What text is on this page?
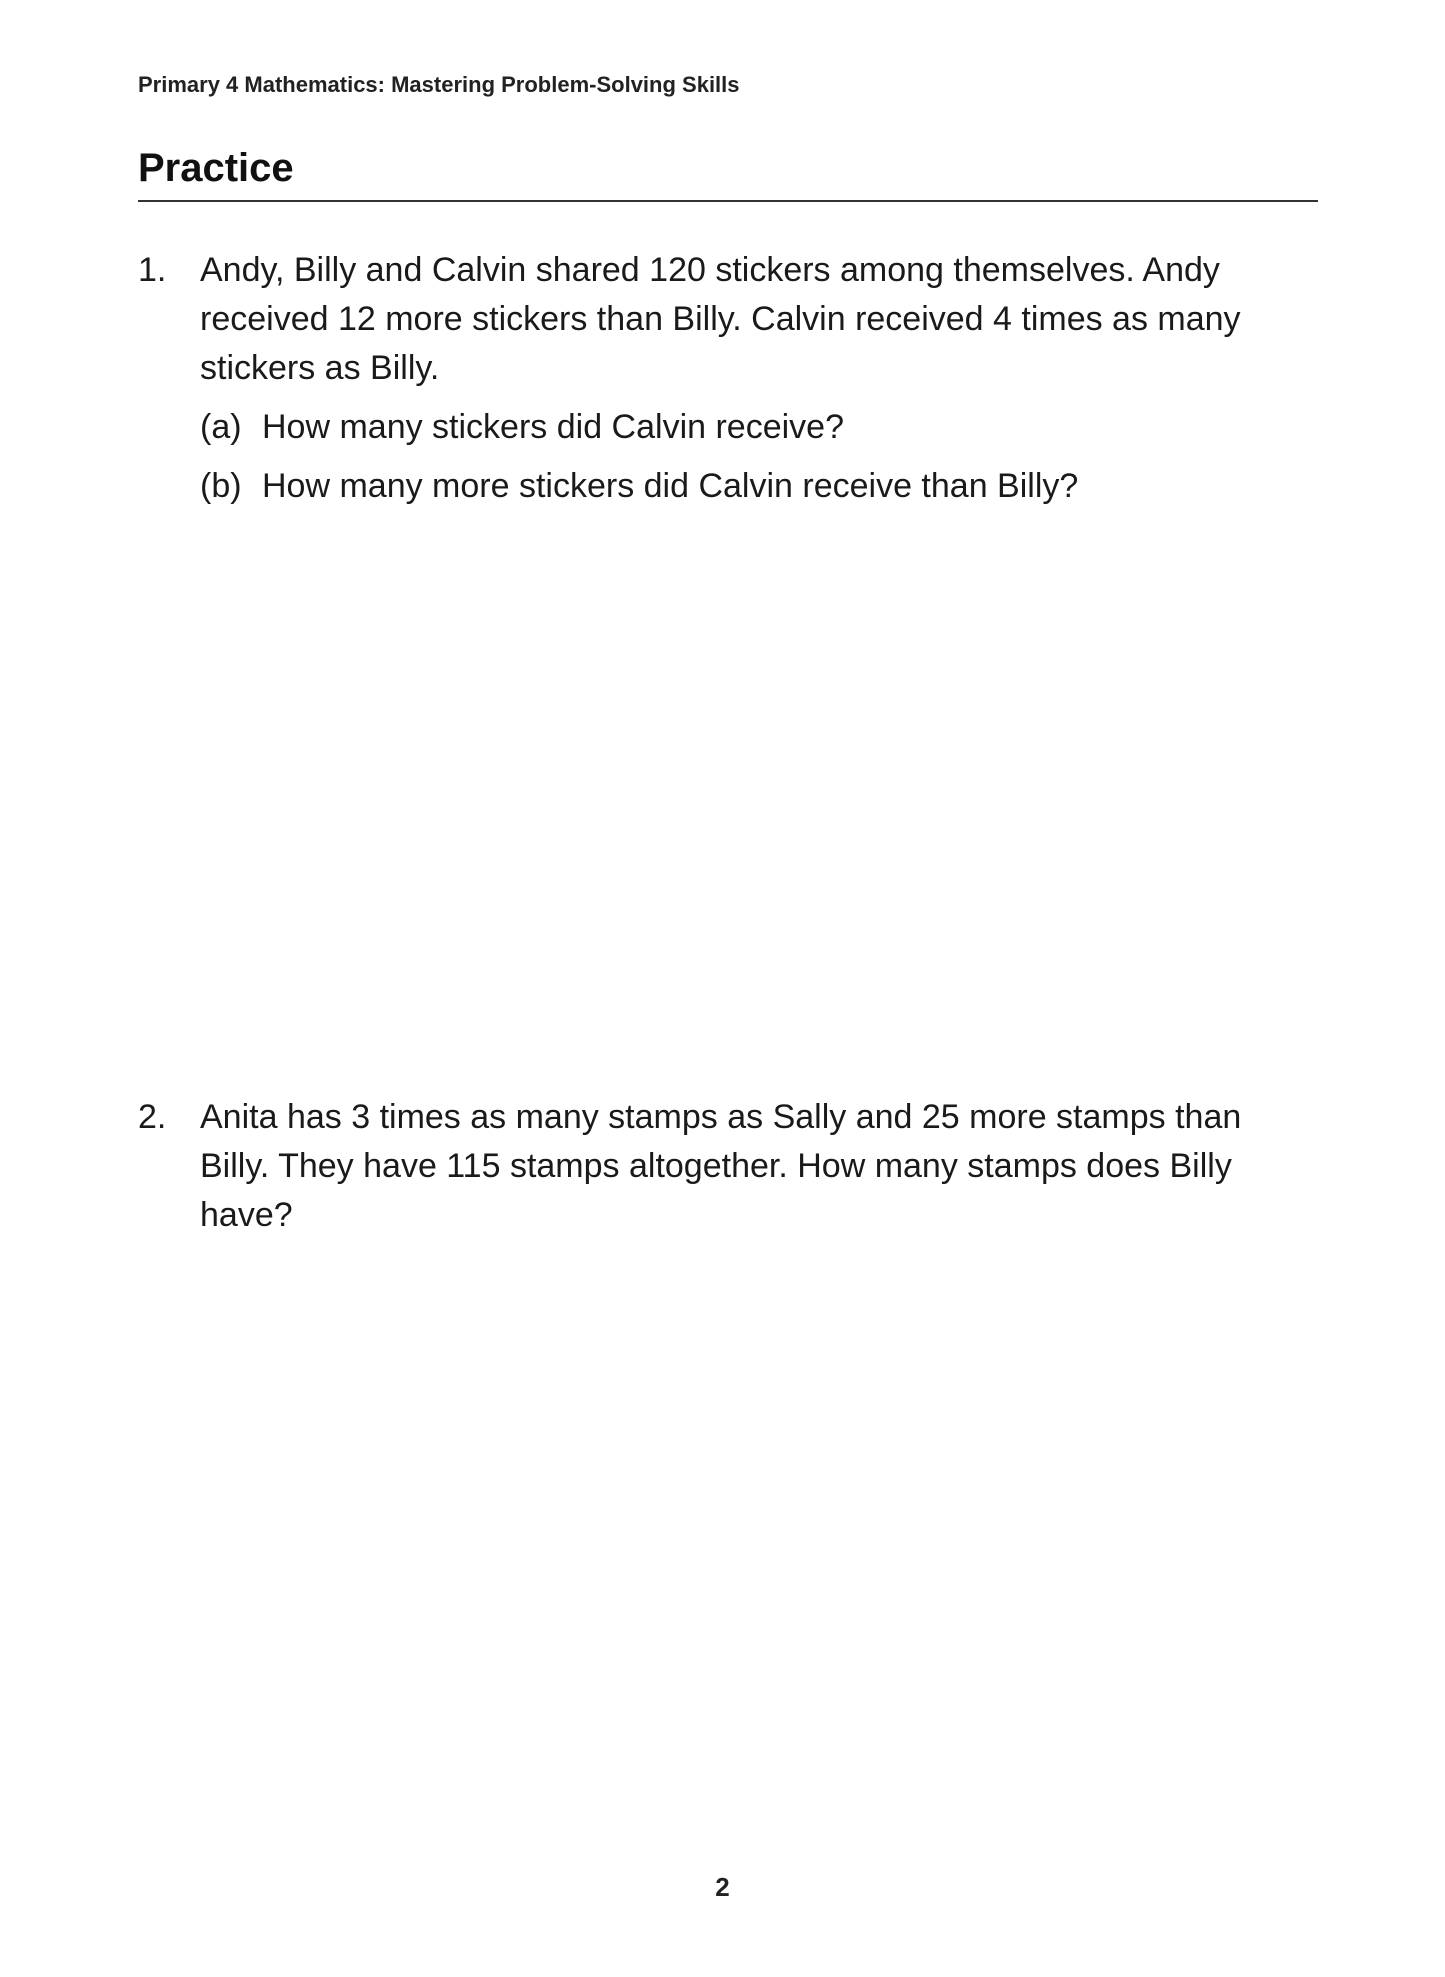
Primary 4 Mathematics: Mastering Problem-Solving Skills
Practice
1. Andy, Billy and Calvin shared 120 stickers among themselves. Andy received 12 more stickers than Billy. Calvin received 4 times as many stickers as Billy.
(a) How many stickers did Calvin receive?
(b) How many more stickers did Calvin receive than Billy?
2. Anita has 3 times as many stamps as Sally and 25 more stamps than Billy. They have 115 stamps altogether. How many stamps does Billy have?
2
